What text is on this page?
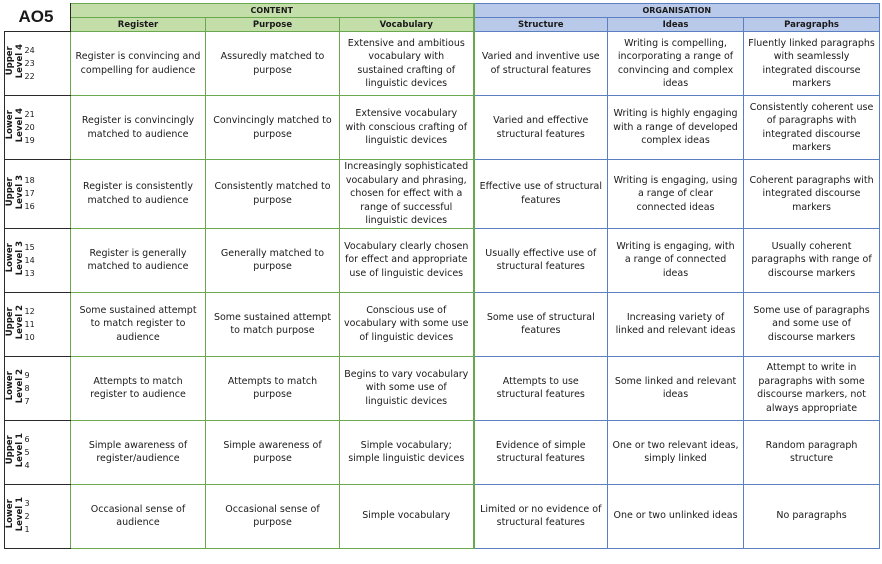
AO5		CONTENT			ORGANISATION		
		Register	Purpose	Vocabulary	Structure	Ideas	Paragraphs
Upper
Level 4	24
23
22	Register is convincing and compelling for audience	Assuredly matched to purpose	Extensive and ambitious vocabulary with sustained crafting of linguistic devices	Varied and inventive use of structural features	Writing is compelling, incorporating a range of convincing and complex ideas	Fluently linked paragraphs with seamlessly integrated discourse markers
Lower
Level 4	21
20
19	Register is convincingly matched to audience	Convincingly matched to purpose	Extensive vocabulary with conscious crafting of linguistic devices	Varied and effective structural features	Writing is highly engaging with a range of developed complex ideas	Consistently coherent use of paragraphs with integrated discourse markers
Upper
Level 3	18
17
16	Register is consistently matched to audience	Consistently matched to purpose	Increasingly sophisticated vocabulary and phrasing, chosen for effect with a range of successful linguistic devices	Effective use of structural features	Writing is engaging, using a range of clear connected ideas	Coherent paragraphs with integrated discourse markers
Lower
Level 3	15
14
13	Register is generally matched to audience	Generally matched to purpose	Vocabulary clearly chosen for effect and appropriate use of linguistic devices	Usually effective use of structural features	Writing is engaging, with a range of connected ideas	Usually coherent paragraphs with range of discourse markers
Upper
Level 2	12
11
10	Some sustained attempt to match register to audience	Some sustained attempt to match purpose	Conscious use of vocabulary with some use of linguistic devices	Some use of structural features	Increasing variety of linked and relevant ideas	Some use of paragraphs and some use of discourse markers
Lower
Level 2	9
8
7	Attempts to match register to audience	Attempts to match purpose	Begins to vary vocabulary with some use of linguistic devices	Attempts to use structural features	Some linked and relevant ideas	Attempt to write in paragraphs with some discourse markers, not always appropriate
Upper
Level 1	6
5
4	Simple awareness of register/audience	Simple awareness of purpose	Simple vocabulary; simple linguistic devices	Evidence of simple structural features	One or two relevant ideas, simply linked	Random paragraph structure
Lower
Level 1	3
2
1	Occasional sense of audience	Occasional sense of purpose	Simple vocabulary	Limited or no evidence of structural features	One or two unlinked ideas	No paragraphs
